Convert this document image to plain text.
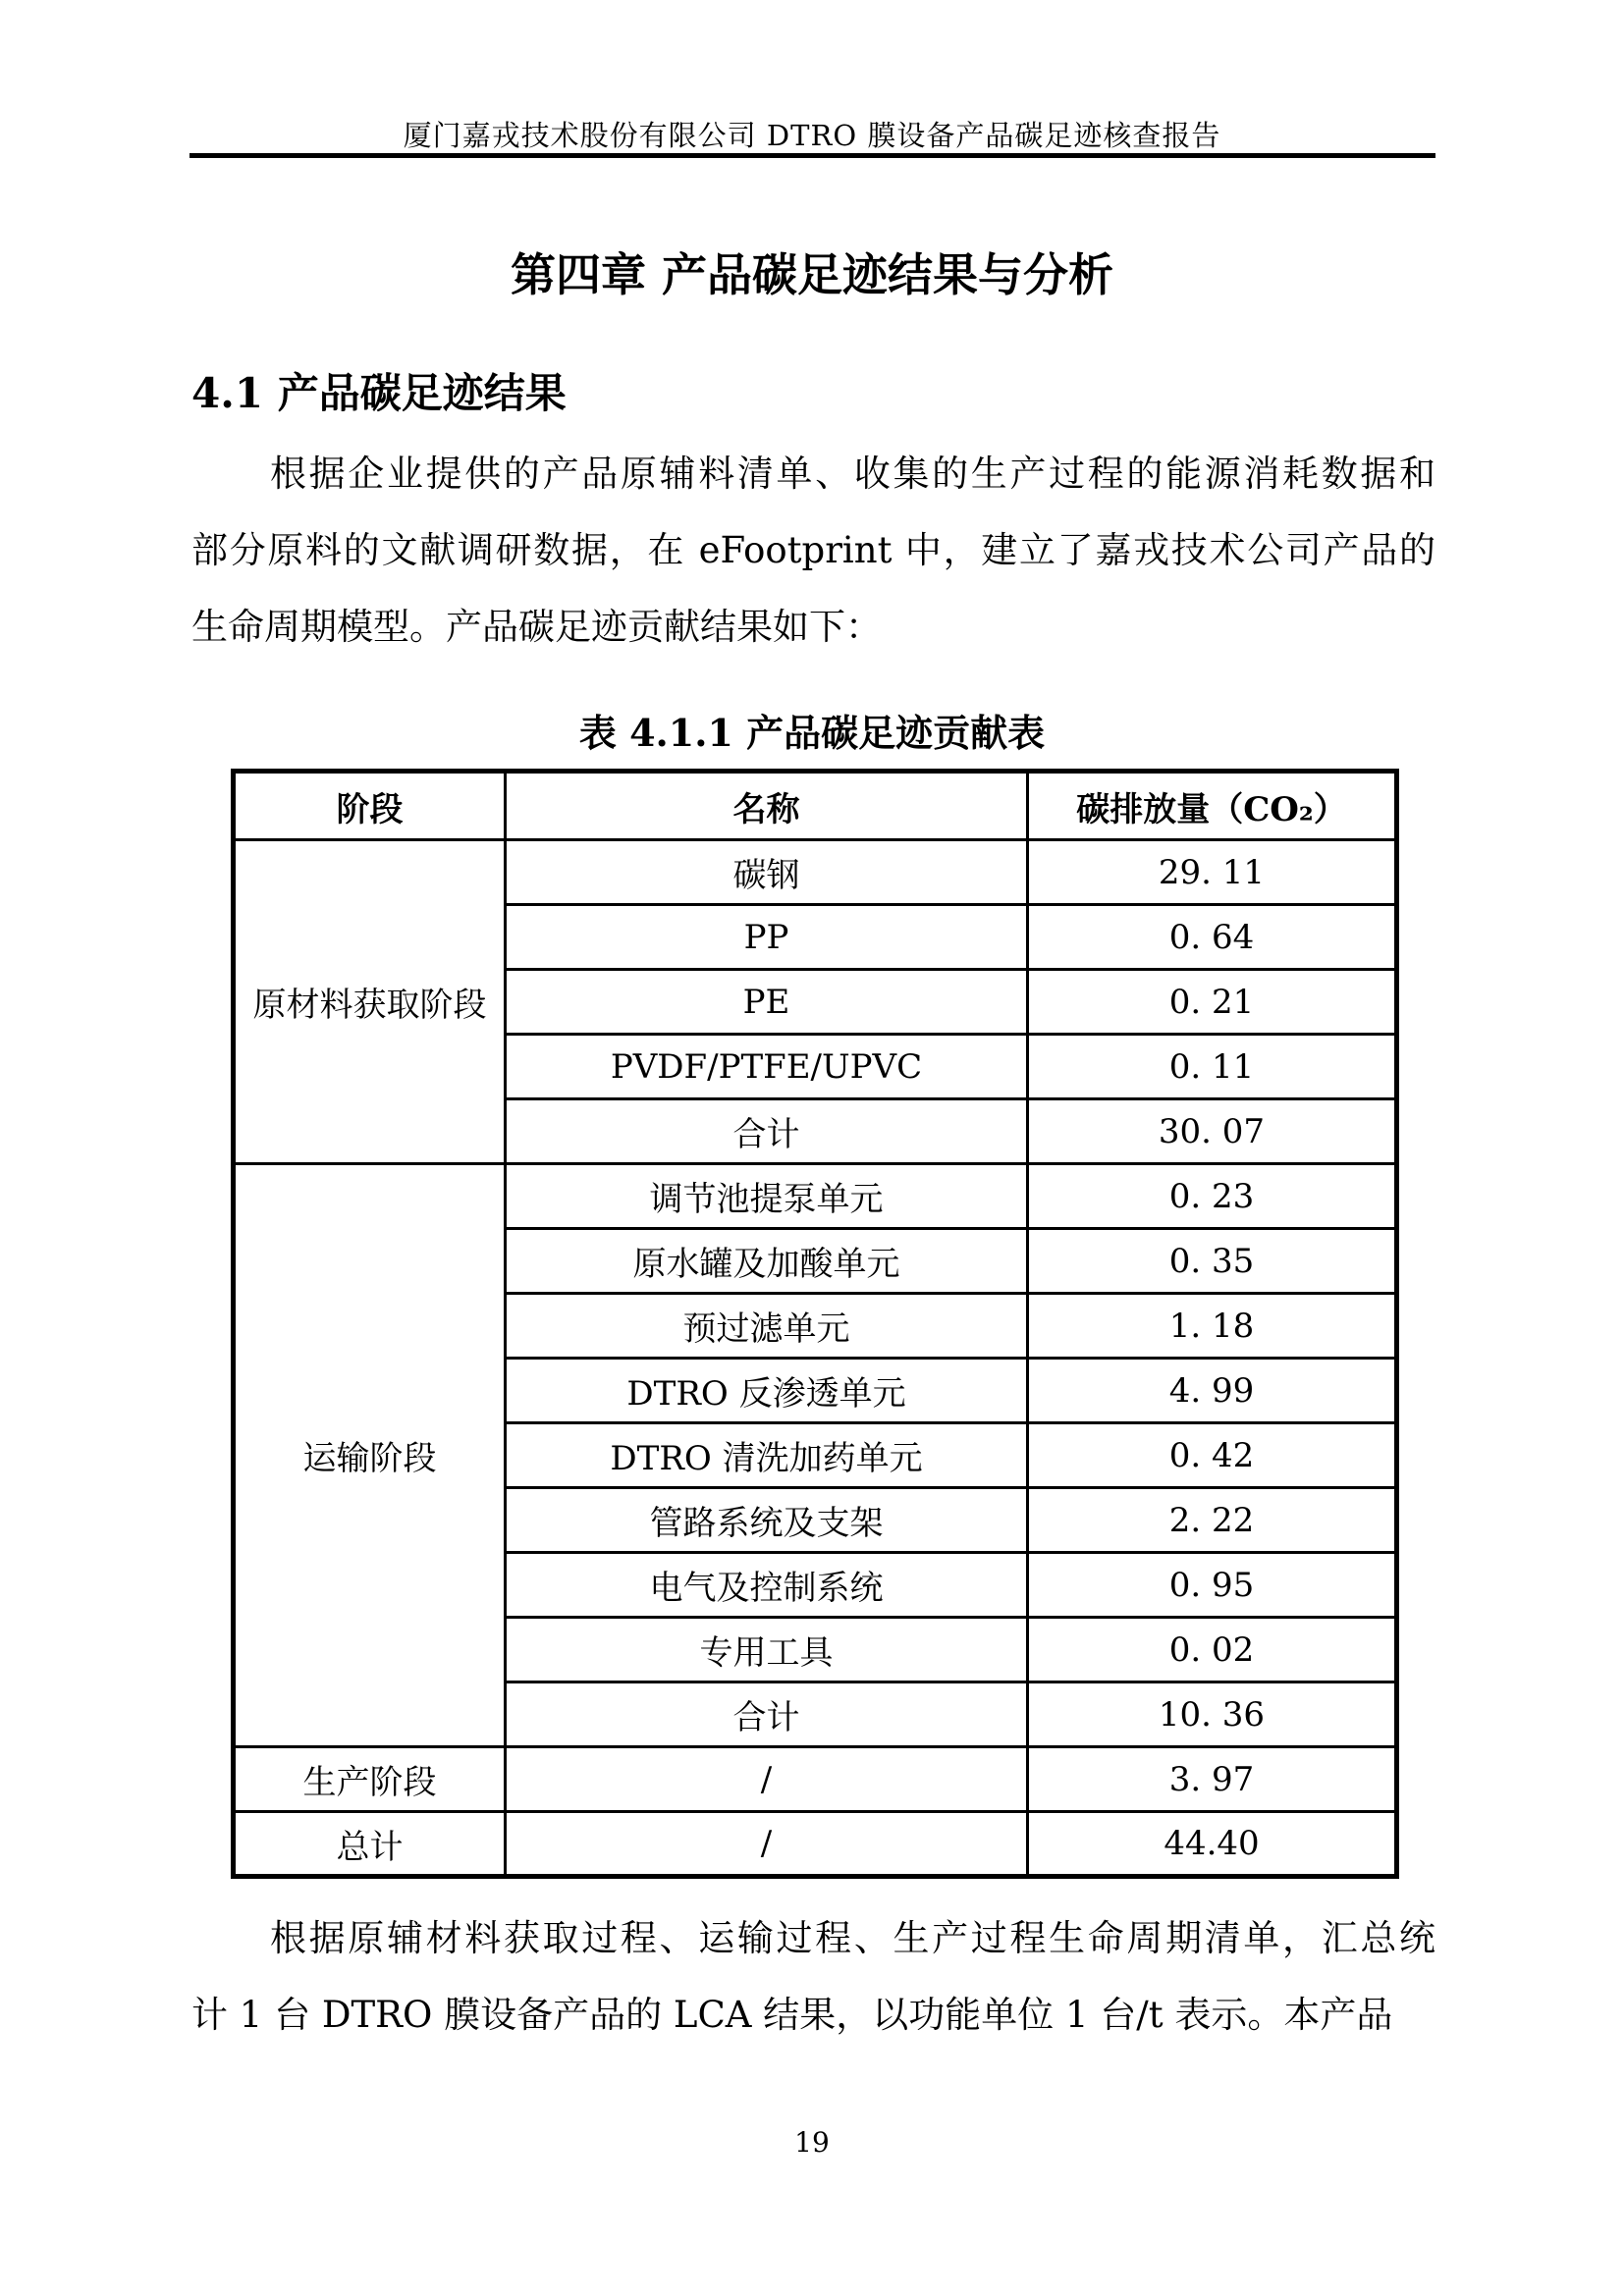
厦门嘉戎技术股份有限公司 DTRO 膜设备产品碳足迹核查报告
第四章 产品碳足迹结果与分析
4.1 产品碳足迹结果
根据企业提供的产品原辅料清单、收集的生产过程的能源消耗数据和
部分原料的文献调研数据，在 eFootprint 中，建立了嘉戎技术公司产品的
生命周期模型。产品碳足迹贡献结果如下：
表 4.1.1 产品碳足迹贡献表
阶段	名称	碳排放量（CO₂）
原材料获取阶段	碳钢	29. 11
	PP	0. 64
	PE	0. 21
	PVDF/PTFE/UPVC	0. 11
	合计	30. 07
运输阶段	调节池提泵单元	0. 23
	原水罐及加酸单元	0. 35
	预过滤单元	1. 18
	DTRO 反渗透单元	4. 99
	DTRO 清洗加药单元	0. 42
	管路系统及支架	2. 22
	电气及控制系统	0. 95
	专用工具	0. 02
	合计	10. 36
生产阶段	/	3. 97
总计	/	44.40
根据原辅材料获取过程、运输过程、生产过程生命周期清单，汇总统
计 1 台 DTRO 膜设备产品的 LCA 结果，以功能单位 1 台/t 表示。本产品
19
